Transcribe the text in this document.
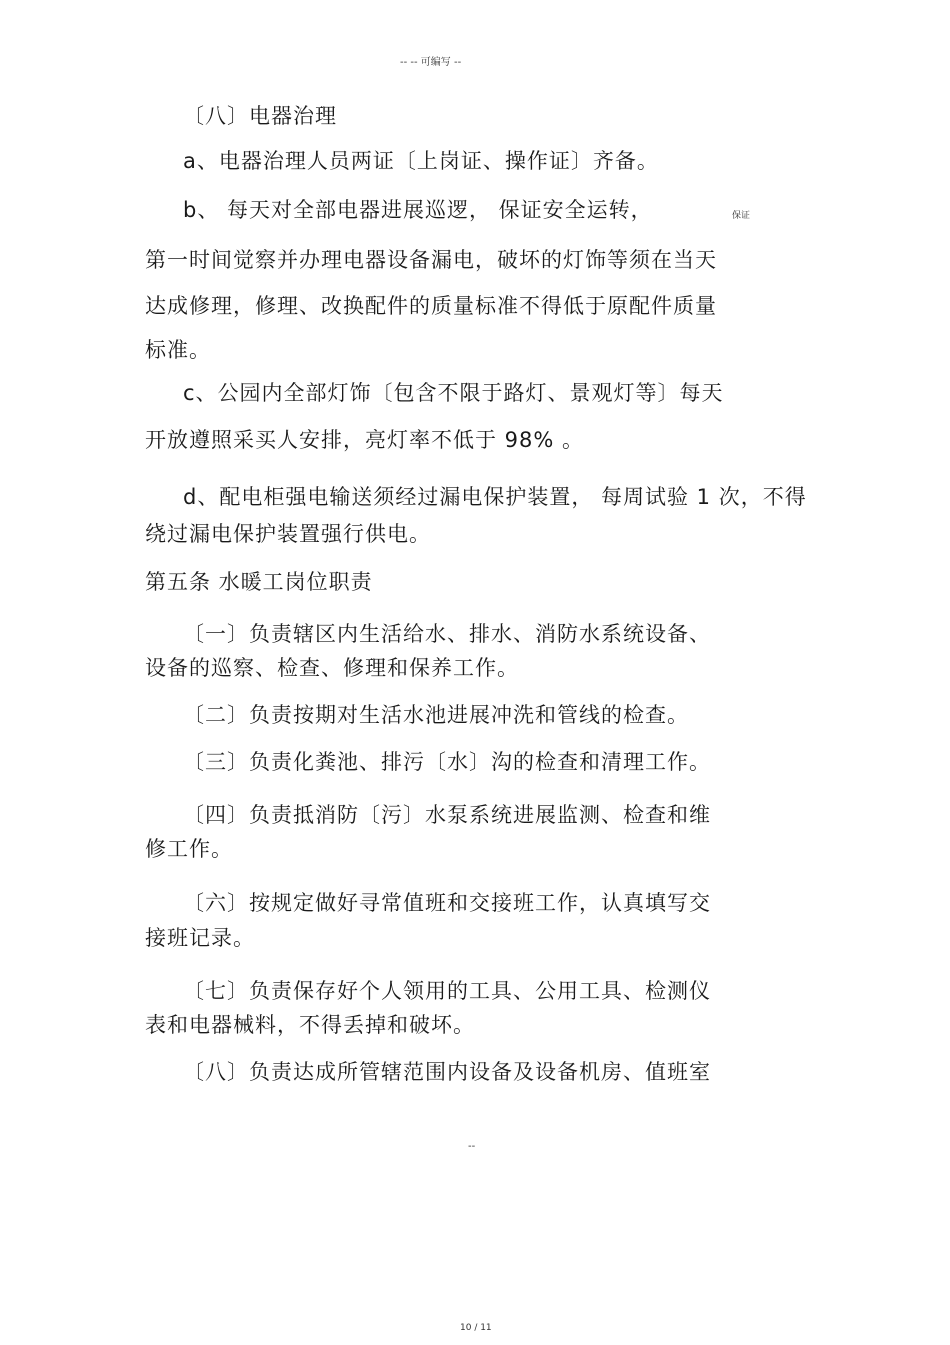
-- -- 可编写 --
〔八〕电器治理
a、电器治理人员两证〔上岗证、操作证〕齐备。
b、 每天对全部电器进展巡逻， 保证安全运转，	保证
第一时间觉察并办理电器设备漏电，破坏的灯饰等须在当天
达成修理，修理、改换配件的质量标准不得低于原配件质量
标准。
c、公园内全部灯饰〔包含不限于路灯、景观灯等〕每天
开放遵照采买人安排，亮灯率不低于 98% 。
d、配电柜强电输送须经过漏电保护装置， 每周试验 1 次，不得
绕过漏电保护装置强行供电。
第五条 水暖工岗位职责
〔一〕负责辖区内生活给水、排水、消防水系统设备、
设备的巡察、检查、修理和保养工作。
〔二〕负责按期对生活水池进展冲洗和管线的检查。
〔三〕负责化粪池、排污〔水〕沟的检查和清理工作。
〔四〕负责抵消防〔污〕水泵系统进展监测、检查和维
修工作。
〔六〕按规定做好寻常值班和交接班工作，认真填写交
接班记录。
〔七〕负责保存好个人领用的工具、公用工具、检测仪
表和电器械料，不得丢掉和破坏。
〔八〕负责达成所管辖范围内设备及设备机房、值班室
--
10 / 11
